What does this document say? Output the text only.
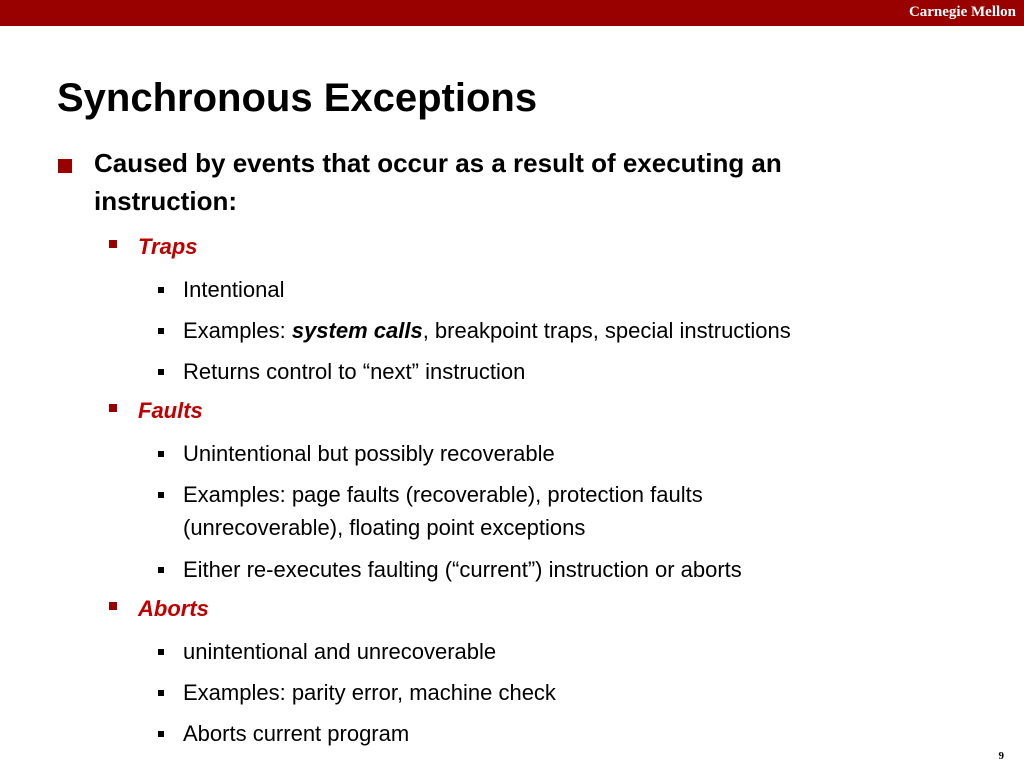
Carnegie Mellon
Synchronous Exceptions
Caused by events that occur as a result of executing an instruction:
Traps
Intentional
Examples: system calls, breakpoint traps, special instructions
Returns control to “next” instruction
Faults
Unintentional but possibly recoverable
Examples: page faults (recoverable), protection faults (unrecoverable), floating point exceptions
Either re-executes faulting (“current”) instruction or aborts
Aborts
unintentional and unrecoverable
Examples: parity error, machine check
Aborts current program
9
